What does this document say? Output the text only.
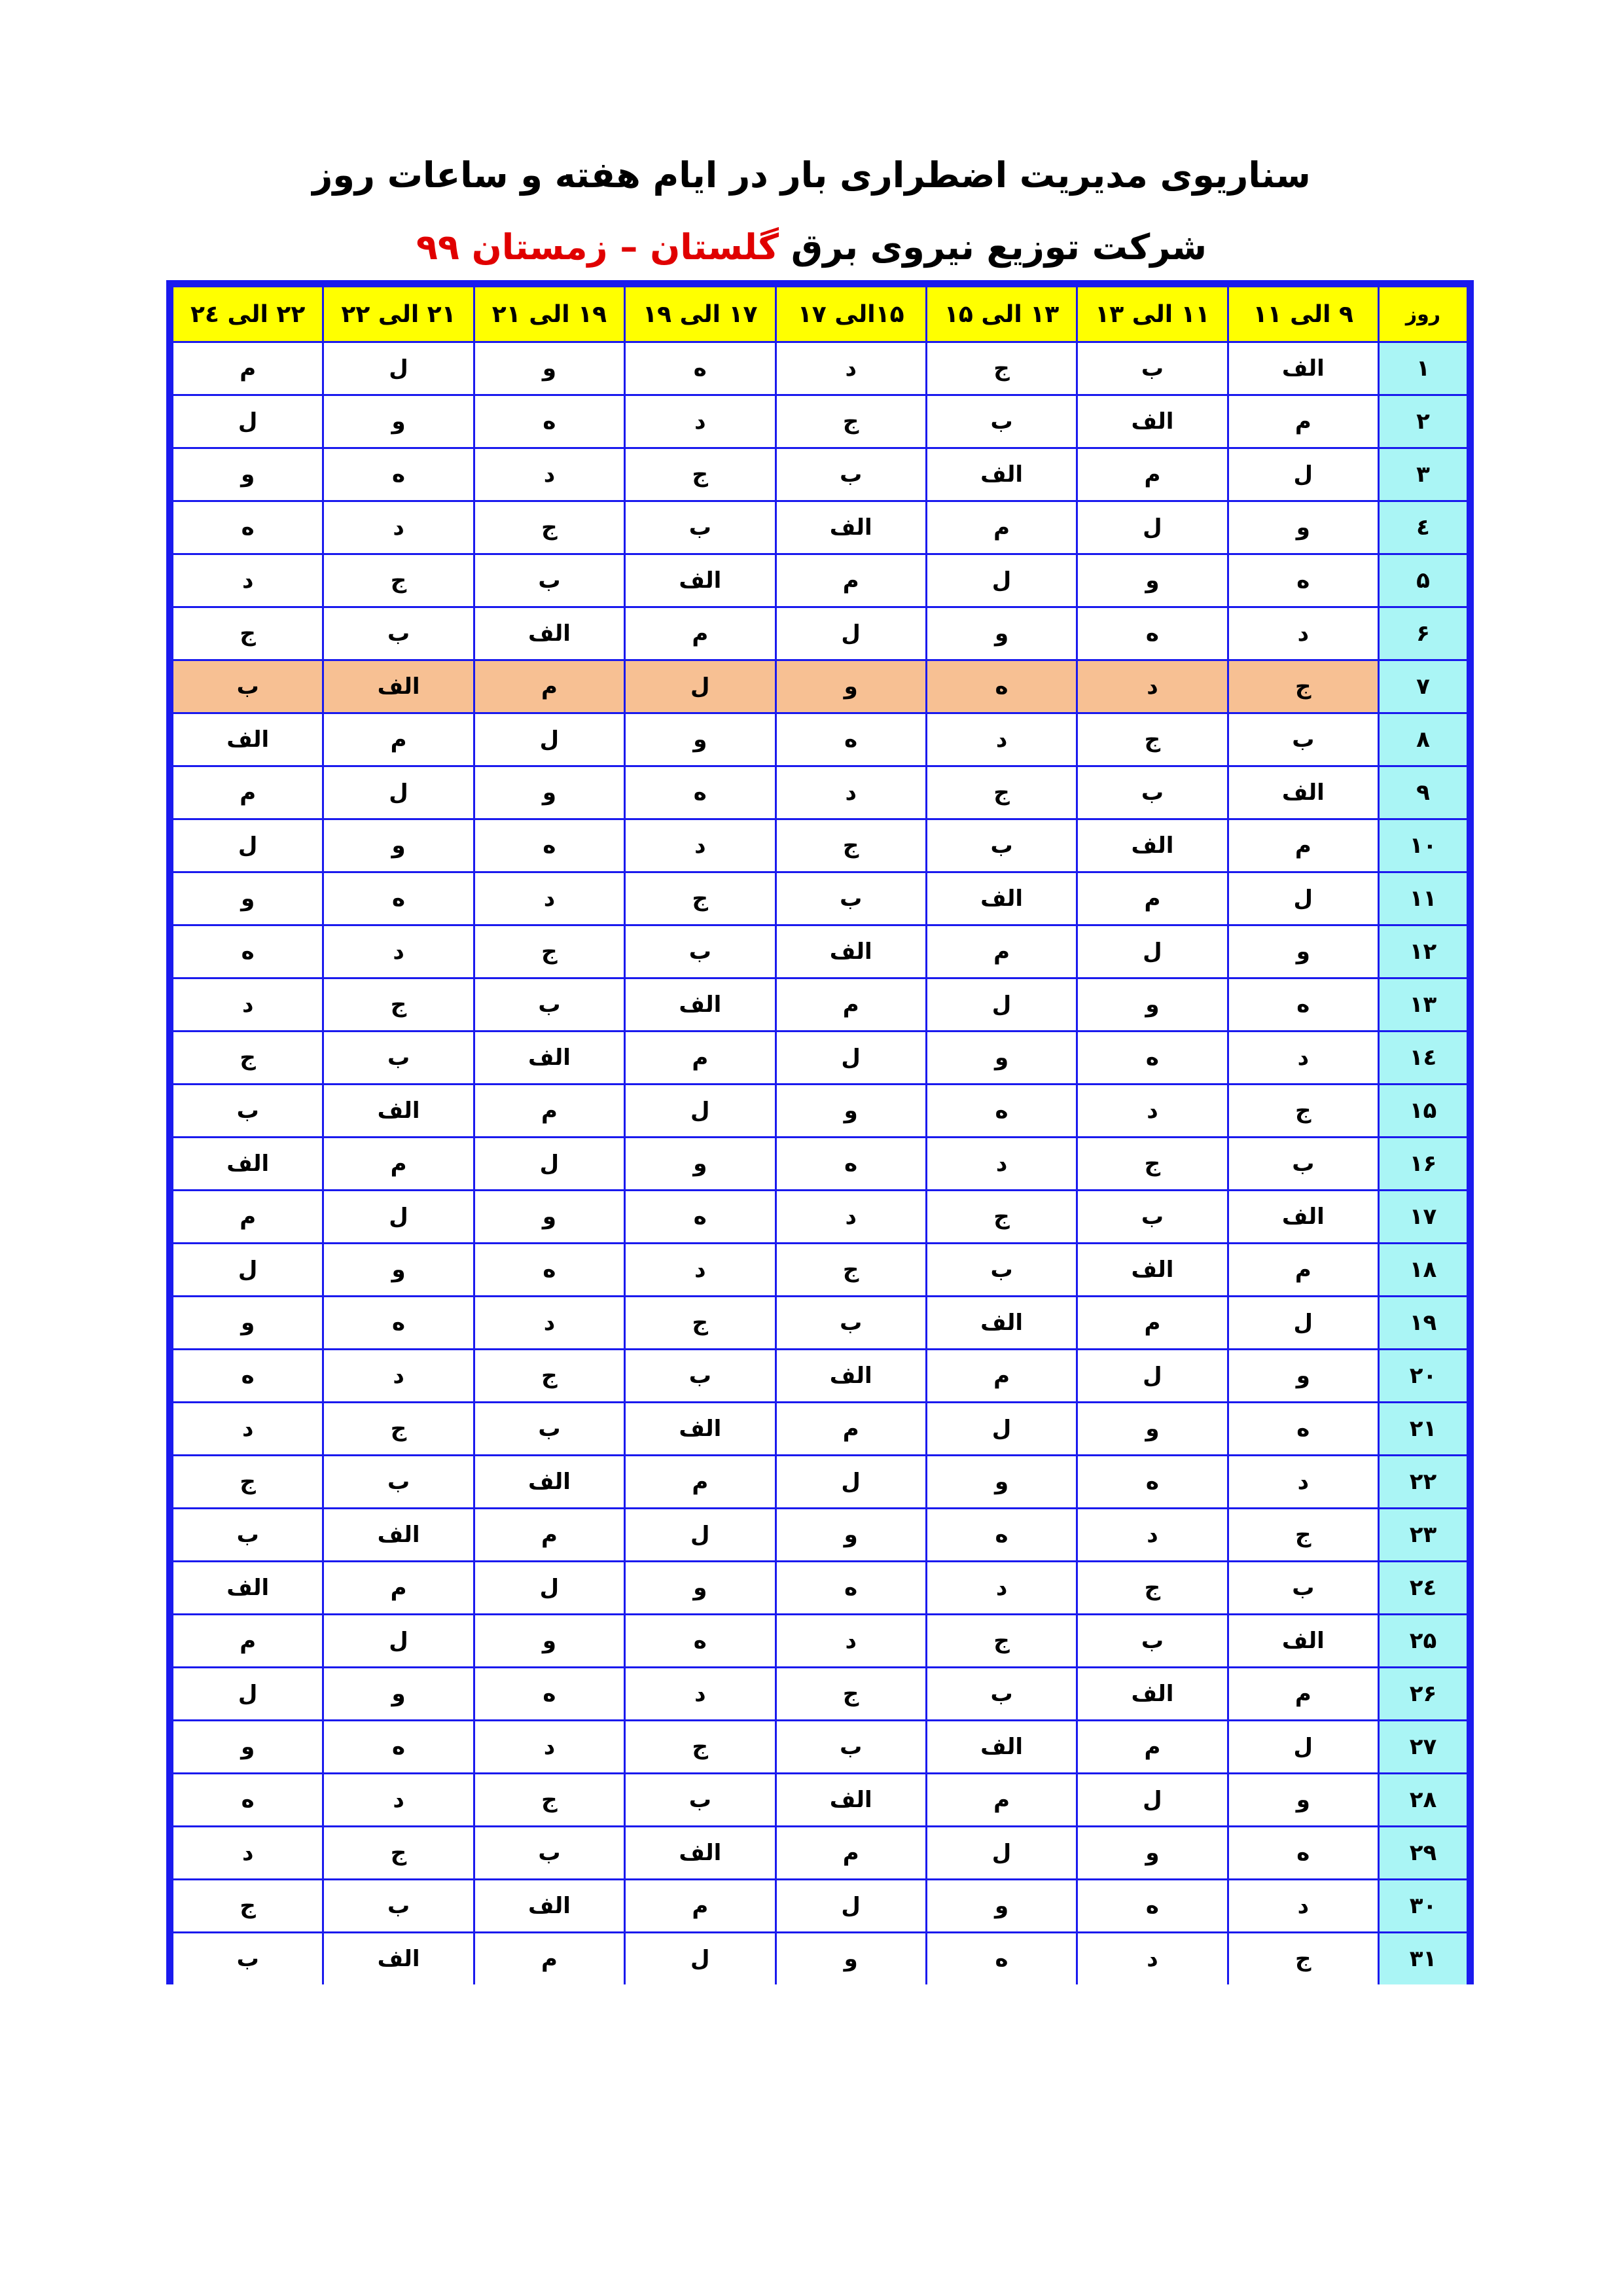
سناریوی مدیریت اضطراری بار در ایام هفته و ساعات روز
شرکت توزیع نیروی برق گلستان – زمستان ۹۹
روز	۹ الی ۱۱	۱۱ الی ۱۳	۱۳ الی ۱۵	۱۵الی ۱۷	۱۷ الی ۱۹	۱۹ الی ۲۱	۲۱ الی ۲۲	۲۲ الی ۲٤
۱	الف	ب	ج	د	ه	و	ل	م
۲	م	الف	ب	ج	د	ه	و	ل
۳	ل	م	الف	ب	ج	د	ه	و
٤	و	ل	م	الف	ب	ج	د	ه
۵	ه	و	ل	م	الف	ب	ج	د
۶	د	ه	و	ل	م	الف	ب	ج
۷	ج	د	ه	و	ل	م	الف	ب
۸	ب	ج	د	ه	و	ل	م	الف
۹	الف	ب	ج	د	ه	و	ل	م
۱۰	م	الف	ب	ج	د	ه	و	ل
۱۱	ل	م	الف	ب	ج	د	ه	و
۱۲	و	ل	م	الف	ب	ج	د	ه
۱۳	ه	و	ل	م	الف	ب	ج	د
۱٤	د	ه	و	ل	م	الف	ب	ج
۱۵	ج	د	ه	و	ل	م	الف	ب
۱۶	ب	ج	د	ه	و	ل	م	الف
۱۷	الف	ب	ج	د	ه	و	ل	م
۱۸	م	الف	ب	ج	د	ه	و	ل
۱۹	ل	م	الف	ب	ج	د	ه	و
۲۰	و	ل	م	الف	ب	ج	د	ه
۲۱	ه	و	ل	م	الف	ب	ج	د
۲۲	د	ه	و	ل	م	الف	ب	ج
۲۳	ج	د	ه	و	ل	م	الف	ب
۲٤	ب	ج	د	ه	و	ل	م	الف
۲۵	الف	ب	ج	د	ه	و	ل	م
۲۶	م	الف	ب	ج	د	ه	و	ل
۲۷	ل	م	الف	ب	ج	د	ه	و
۲۸	و	ل	م	الف	ب	ج	د	ه
۲۹	ه	و	ل	م	الف	ب	ج	د
۳۰	د	ه	و	ل	م	الف	ب	ج
۳۱	ج	د	ه	و	ل	م	الف	ب
